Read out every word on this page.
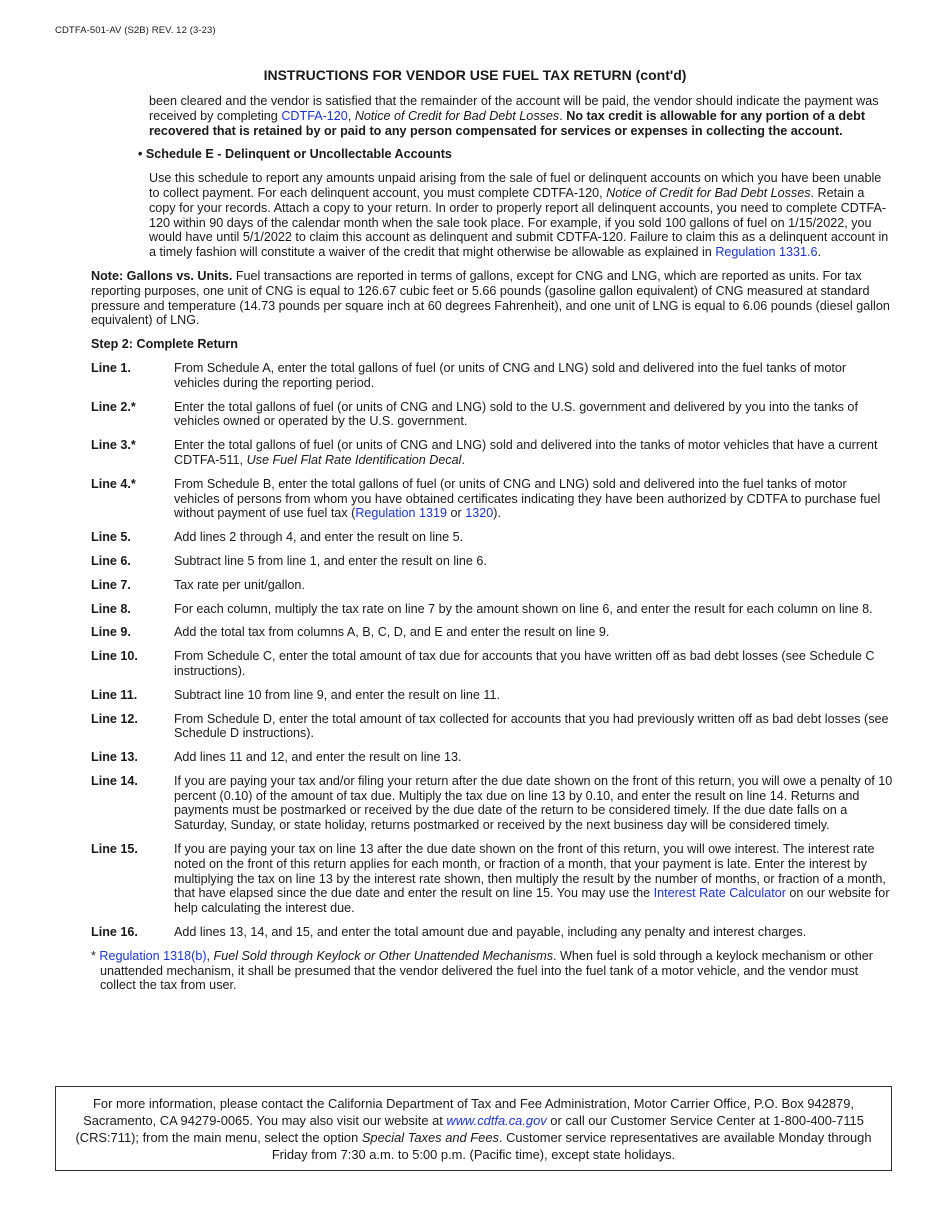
CDTFA-501-AV (S2B) REV. 12 (3-23)
INSTRUCTIONS FOR VENDOR USE FUEL TAX RETURN (cont'd)

been cleared and the vendor is satisfied that the remainder of the account will be paid, the vendor should indicate the payment was received by completing CDTFA-120, Notice of Credit for Bad Debt Losses. No tax credit is allowable for any portion of a debt recovered that is retained by or paid to any person compensated for services or expenses in collecting the account.

• Schedule E - Delinquent or Uncollectable Accounts

Use this schedule to report any amounts unpaid arising from the sale of fuel or delinquent accounts on which you have been unable to collect payment. For each delinquent account, you must complete CDTFA-120, Notice of Credit for Bad Debt Losses. Retain a copy for your records. Attach a copy to your return. In order to properly report all delinquent accounts, you need to complete CDTFA-120 within 90 days of the calendar month when the sale took place. For example, if you sold 100 gallons of fuel on 1/15/2022, you would have until 5/1/2022 to claim this account as delinquent and submit CDTFA-120. Failure to claim this as a delinquent account in a timely fashion will constitute a waiver of the credit that might otherwise be allowable as explained in Regulation 1331.6.

Note: Gallons vs. Units. Fuel transactions are reported in terms of gallons, except for CNG and LNG, which are reported as units. For tax reporting purposes, one unit of CNG is equal to 126.67 cubic feet or 5.66 pounds (gasoline gallon equivalent) of CNG measured at standard pressure and temperature (14.73 pounds per square inch at 60 degrees Fahrenheit), and one unit of LNG is equal to 6.06 pounds (diesel gallon equivalent) of LNG.

Step 2: Complete Return

Line 1.	From Schedule A, enter the total gallons of fuel (or units of CNG and LNG) sold and delivered into the fuel tanks of motor vehicles during the reporting period.
Line 2.*	Enter the total gallons of fuel (or units of CNG and LNG) sold to the U.S. government and delivered by you into the tanks of vehicles owned or operated by the U.S. government.
Line 3.*	Enter the total gallons of fuel (or units of CNG and LNG) sold and delivered into the tanks of motor vehicles that have a current CDTFA-511, Use Fuel Flat Rate Identification Decal.
Line 4.*	From Schedule B, enter the total gallons of fuel (or units of CNG and LNG) sold and delivered into the fuel tanks of motor vehicles of persons from whom you have obtained certificates indicating they have been authorized by CDTFA to purchase fuel without payment of use fuel tax (Regulation 1319 or 1320).
Line 5.	Add lines 2 through 4, and enter the result on line 5.
Line 6.	Subtract line 5 from line 1, and enter the result on line 6.
Line 7.	Tax rate per unit/gallon.
Line 8.	For each column, multiply the tax rate on line 7 by the amount shown on line 6, and enter the result for each column on line 8.
Line 9.	Add the total tax from columns A, B, C, D, and E and enter the result on line 9.
Line 10.	From Schedule C, enter the total amount of tax due for accounts that you have written off as bad debt losses (see Schedule C instructions).
Line 11.	Subtract line 10 from line 9, and enter the result on line 11.
Line 12.	From Schedule D, enter the total amount of tax collected for accounts that you had previously written off as bad debt losses (see Schedule D instructions).
Line 13.	Add lines 11 and 12, and enter the result on line 13.
Line 14.	If you are paying your tax and/or filing your return after the due date shown on the front of this return, you will owe a penalty of 10 percent (0.10) of the amount of tax due. Multiply the tax due on line 13 by 0.10, and enter the result on line 14. Returns and payments must be postmarked or received by the due date of the return to be considered timely. If the due date falls on a Saturday, Sunday, or state holiday, returns postmarked or received by the next business day will be considered timely.
Line 15.	If you are paying your tax on line 13 after the due date shown on the front of this return, you will owe interest. The interest rate noted on the front of this return applies for each month, or fraction of a month, that your payment is late. Enter the interest by multiplying the tax on line 13 by the interest rate shown, then multiply the result by the number of months, or fraction of a month, that have elapsed since the due date and enter the result on line 15. You may use the Interest Rate Calculator on our website for help calculating the interest due.
Line 16.	Add lines 13, 14, and 15, and enter the total amount due and payable, including any penalty and interest charges.

* Regulation 1318(b), Fuel Sold through Keylock or Other Unattended Mechanisms. When fuel is sold through a keylock mechanism or other unattended mechanism, it shall be presumed that the vendor delivered the fuel into the fuel tank of a motor vehicle, and the vendor must collect the tax from user.

For more information, please contact the California Department of Tax and Fee Administration, Motor Carrier Office, P.O. Box 942879, Sacramento, CA 94279-0065. You may also visit our website at www.cdtfa.ca.gov or call our Customer Service Center at 1-800-400-7115 (CRS:711); from the main menu, select the option Special Taxes and Fees. Customer service representatives are available Monday through Friday from 7:30 a.m. to 5:00 p.m. (Pacific time), except state holidays.
